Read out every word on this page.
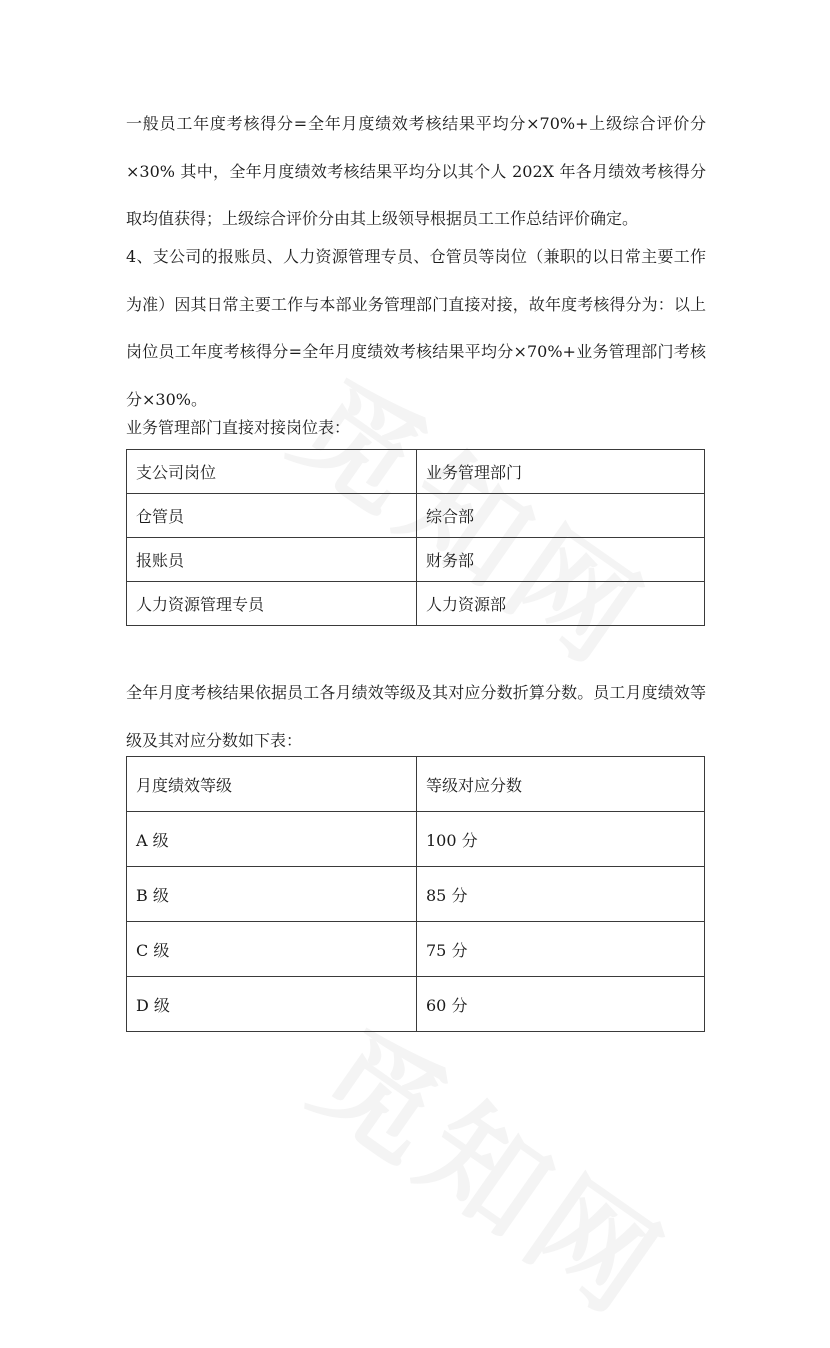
一般员工年度考核得分=全年月度绩效考核结果平均分×70%+上级综合评价分×30% 其中，全年月度绩效考核结果平均分以其个人 202X 年各月绩效考核得分取均值获得；上级综合评价分由其上级领导根据员工工作总结评价确定。

4、支公司的报账员、人力资源管理专员、仓管员等岗位（兼职的以日常主要工作为准）因其日常主要工作与本部业务管理部门直接对接，故年度考核得分为：以上岗位员工年度考核得分=全年月度绩效考核结果平均分×70%+业务管理部门考核分×30%。

业务管理部门直接对接岗位表：

支公司岗位	业务管理部门
仓管员	综合部
报账员	财务部
人力资源管理专员	人力资源部

全年月度考核结果依据员工各月绩效等级及其对应分数折算分数。员工月度绩效等级及其对应分数如下表：

月度绩效等级	等级对应分数
A 级	100 分
B 级	85 分
C 级	75 分
D 级	60 分
